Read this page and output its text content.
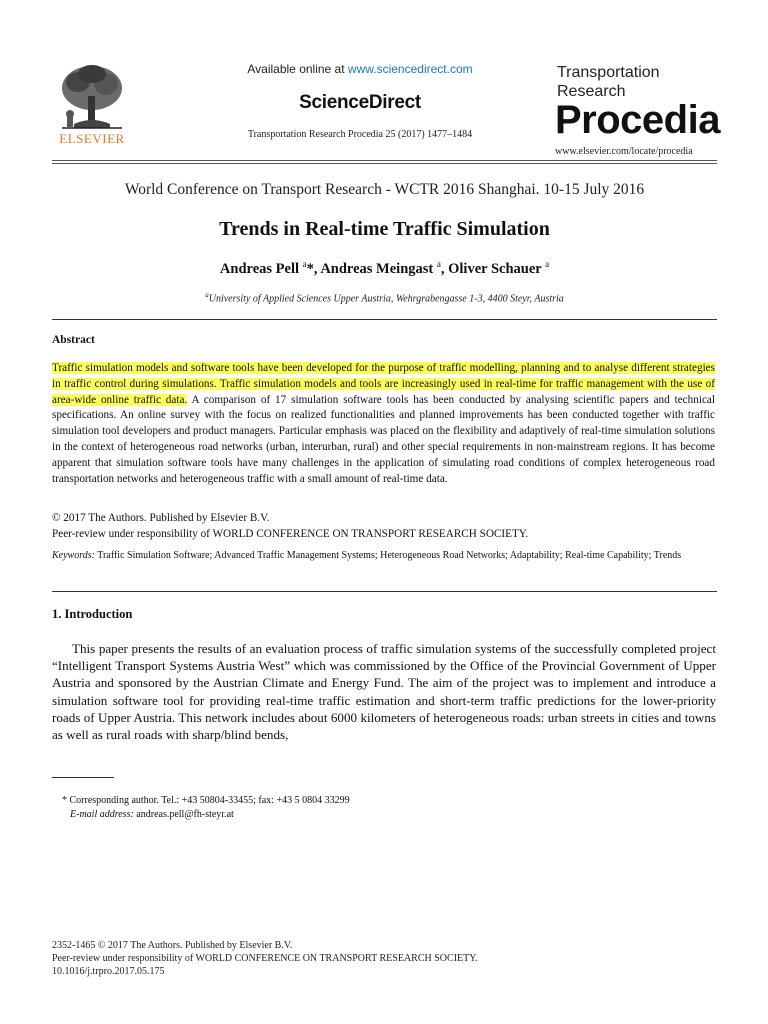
ELSEVIER
Available online at www.sciencedirect.com
ScienceDirect
Transportation Research Procedia 25 (2017) 1477–1484
Transportation
Research
Procedia
www.elsevier.com/locate/procedia
World Conference on Transport Research - WCTR 2016 Shanghai. 10-15 July 2016
Trends in Real-time Traffic Simulation
Andreas Pell $^a$*, Andreas Meingast $^a$, Oliver Schauer $^a$
$^a$University of Applied Sciences Upper Austria, Wehrgrabengasse 1-3, 4400 Steyr, Austria
Abstract
Traffic simulation models and software tools have been developed for the purpose of traffic modelling, planning and to analyse different strategies in traffic control during simulations. Traffic simulation models and tools are increasingly used in real-time for traffic management with the use of area-wide online traffic data. A comparison of 17 simulation software tools has been conducted by analysing scientific papers and technical specifications. An online survey with the focus on realized functionalities and planned improvements has been conducted together with traffic simulation tool developers and product managers. Particular emphasis was placed on the flexibility and adaptively of real-time simulation solutions in the context of heterogeneous road networks (urban, interurban, rural) and other special requirements in non-mainstream regions. It has become apparent that simulation software tools have many challenges in the application of simulating road conditions of complex heterogeneous road transportation networks and heterogeneous traffic with a small amount of real-time data.
© 2017 The Authors. Published by Elsevier B.V.
Peer-review under responsibility of WORLD CONFERENCE ON TRANSPORT RESEARCH SOCIETY.
Keywords: Traffic Simulation Software; Advanced Traffic Management Systems; Heterogeneous Road Networks; Adaptability; Real-time Capability; Trends
1. Introduction
This paper presents the results of an evaluation process of traffic simulation systems of the successfully completed project “Intelligent Transport Systems Austria West” which was commissioned by the Office of the Provincial Government of Upper Austria and sponsored by the Austrian Climate and Energy Fund. The aim of the project was to implement and introduce a simulation software tool for providing real-time traffic estimation and short-term traffic predictions for the lower-priority roads of Upper Austria. This network includes about 6000 kilometers of heterogeneous roads: urban streets in cities and towns as well as rural roads with sharp/blind bends,
* Corresponding author. Tel.: +43 50804-33455; fax: +43 5 0804 33299
E-mail address: andreas.pell@fh-steyr.at
2352-1465 © 2017 The Authors. Published by Elsevier B.V.
Peer-review under responsibility of WORLD CONFERENCE ON TRANSPORT RESEARCH SOCIETY.
10.1016/j.trpro.2017.05.175
